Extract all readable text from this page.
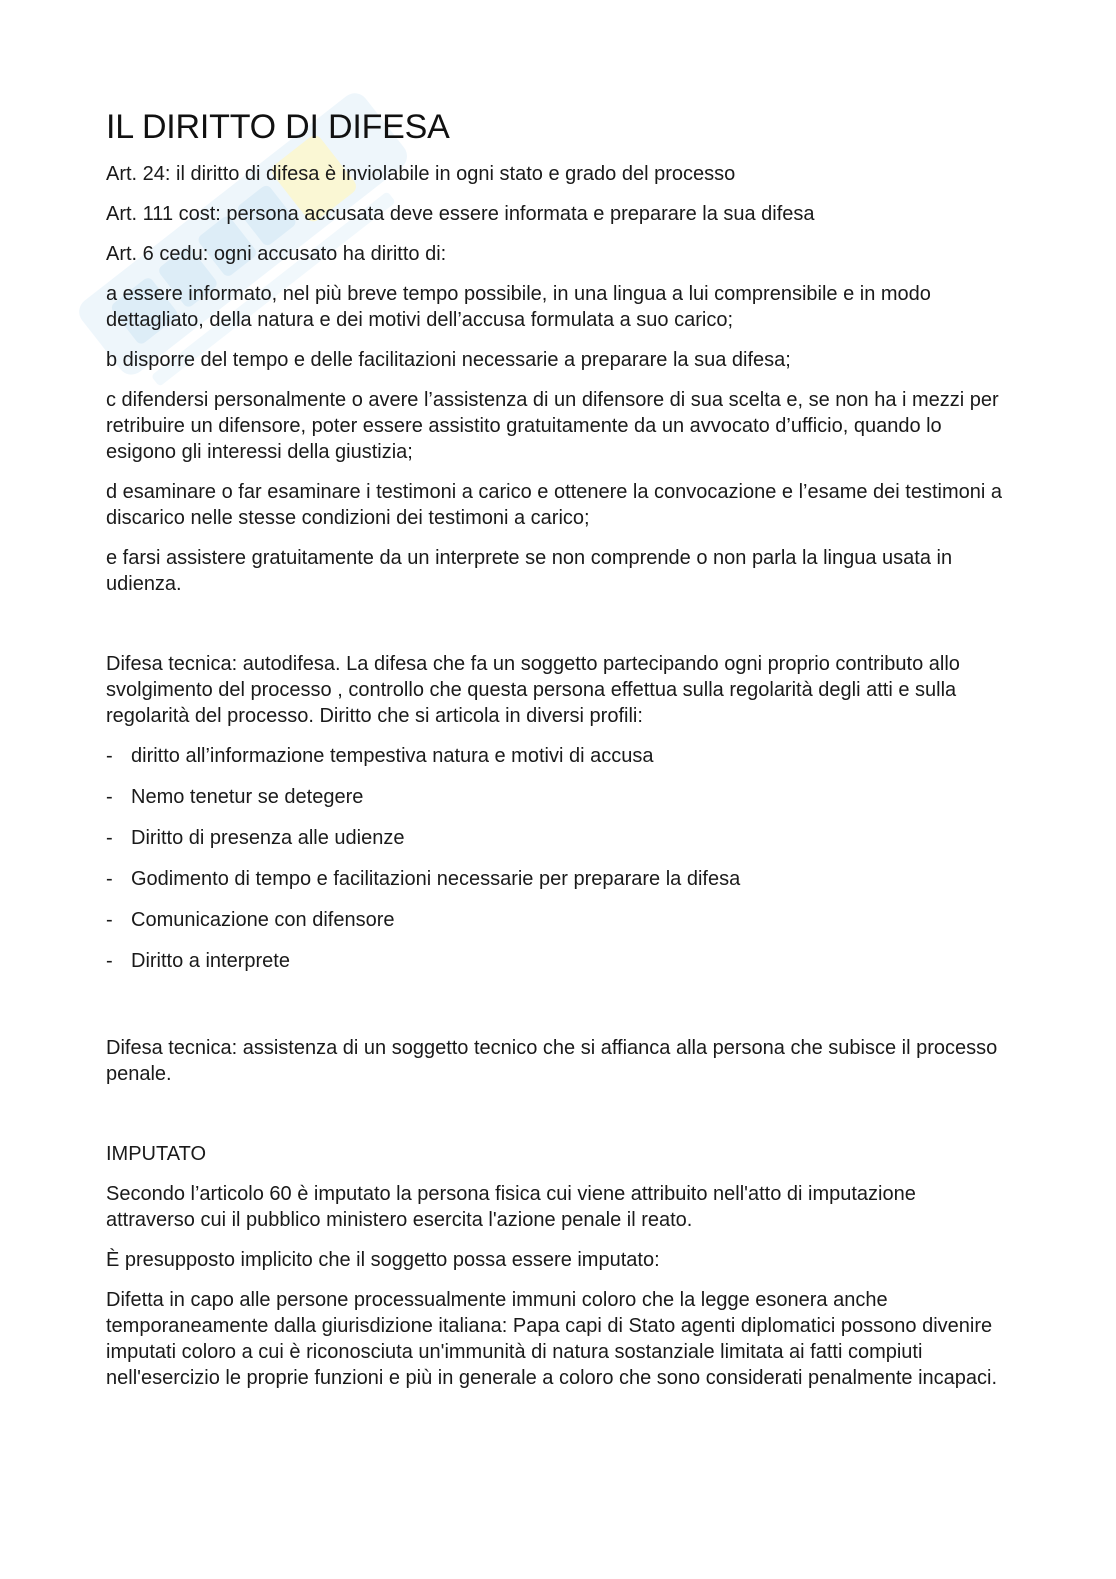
IL DIRITTO DI DIFESA

Art. 24: il diritto di difesa è inviolabile in ogni stato e grado del processo

Art. 111 cost: persona accusata deve essere informata e preparare la sua difesa

Art. 6 cedu: ogni accusato ha diritto di:

a essere informato, nel più breve tempo possibile, in una lingua a lui comprensibile e in modo dettagliato, della natura e dei motivi dell’accusa formulata a suo carico;

b disporre del tempo e delle facilitazioni necessarie a preparare la sua difesa;

c difendersi personalmente o avere l’assistenza di un difensore di sua scelta e, se non ha i mezzi per retribuire un difensore, poter essere assistito gratuitamente da un avvocato d’ufficio, quando lo esigono gli interessi della giustizia;

d esaminare o far esaminare i testimoni a carico e ottenere la convocazione e l’esame dei testimoni a discarico nelle stesse condizioni dei testimoni a carico;

e farsi assistere gratuitamente da un interprete se non comprende o non parla la lingua usata in udienza.

Difesa tecnica: autodifesa. La difesa che fa un soggetto partecipando ogni proprio contributo allo svolgimento del processo , controllo che questa persona effettua sulla regolarità degli atti e sulla regolarità del processo. Diritto che si articola in diversi profili:

- diritto all’informazione tempestiva natura e motivi di accusa
- Nemo tenetur se detegere
- Diritto di presenza alle udienze
- Godimento di tempo e facilitazioni necessarie per preparare la difesa
- Comunicazione con difensore
- Diritto a interprete

Difesa tecnica: assistenza di un soggetto tecnico che si affianca alla persona che subisce il processo penale.

IMPUTATO

Secondo l’articolo 60 è imputato la persona fisica cui viene attribuito nell'atto di imputazione attraverso cui il pubblico ministero esercita l'azione penale il reato.

È presupposto implicito che il soggetto possa essere imputato:

Difetta in capo alle persone processualmente immuni coloro che la legge esonera anche temporaneamente dalla giurisdizione italiana: Papa capi di Stato agenti diplomatici possono divenire imputati coloro a cui è riconosciuta un'immunità di natura sostanziale limitata ai fatti compiuti nell'esercizio le proprie funzioni e più in generale a coloro che sono considerati penalmente incapaci.
